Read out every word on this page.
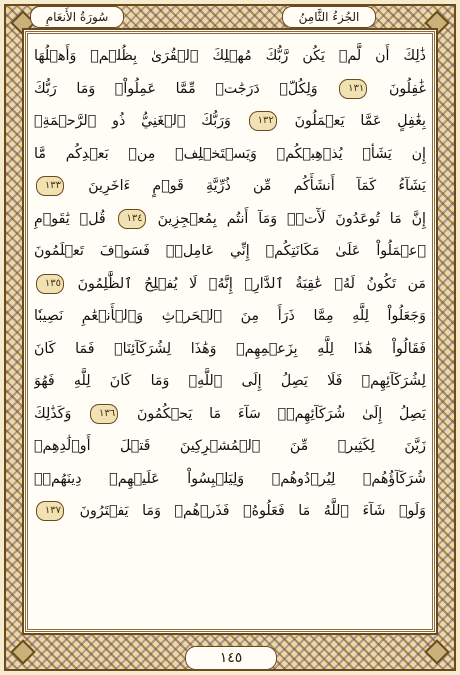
سُورَةُ الأَنعَامِ	الجُزءُ الثَّامِنُ
ذَٰلِكَ أَن لَّمۡ يَكُن رَّبُّكَ مُهۡلِكَ ٱلۡقُرَىٰ بِظُلۡمٖ وَأَهۡلُهَا
غَٰفِلُونَ ١٣١ وَلِكُلّٖ دَرَجَٰتٞ مِّمَّا عَمِلُواْۚ وَمَا رَبُّكَ
بِغَٰفِلٍ عَمَّا يَعۡمَلُونَ ١٣٢ وَرَبُّكَ ٱلۡغَنِيُّ ذُو ٱلرَّحۡمَةِۚ
إِن يَشَأۡ يُذۡهِبۡكُمۡ وَيَسۡتَخۡلِفۡ مِنۢ بَعۡدِكُم مَّا
يَشَآءُ كَمَآ أَنشَأَكُم مِّن ذُرِّيَّةِ قَوۡمٍ ءَاخَرِينَ ١٣٣
إِنَّ مَا تُوعَدُونَ لَأٓتٖۖ وَمَآ أَنتُم بِمُعۡجِزِينَ ١٣٤ قُلۡ يَٰقَوۡمِ
ٱعۡمَلُواْ عَلَىٰ مَكَانَتِكُمۡ إِنِّي عَامِلٞۖ فَسَوۡفَ تَعۡلَمُونَ
مَن تَكُونُ لَهُۥ عَٰقِبَةُ ٱلدَّارِۚ إِنَّهُۥ لَا يُفۡلِحُ ٱلظَّٰلِمُونَ ١٣٥
وَجَعَلُواْ لِلَّهِ مِمَّا ذَرَأَ مِنَ ٱلۡحَرۡثِ وَٱلۡأَنۡعَٰمِ نَصِيبٗا
فَقَالُواْ هَٰذَا لِلَّهِ بِزَعۡمِهِمۡ وَهَٰذَا لِشُرَكَآئِنَاۖ فَمَا كَانَ
لِشُرَكَآئِهِمۡ فَلَا يَصِلُ إِلَى ٱللَّهِۖ وَمَا كَانَ لِلَّهِ فَهُوَ
يَصِلُ إِلَىٰ شُرَكَآئِهِمۡۗ سَآءَ مَا يَحۡكُمُونَ ١٣٦ وَكَذَٰلِكَ
زَيَّنَ لِكَثِيرٖ مِّنَ ٱلۡمُشۡرِكِينَ قَتۡلَ أَوۡلَٰدِهِمۡ
شُرَكَآؤُهُمۡ لِيُرۡدُوهُمۡ وَلِيَلۡبِسُواْ عَلَيۡهِمۡ دِينَهُمۡۖ
وَلَوۡ شَآءَ ٱللَّهُ مَا فَعَلُوهُۖ فَذَرۡهُمۡ وَمَا يَفۡتَرُونَ ١٣٧
١٤٥
